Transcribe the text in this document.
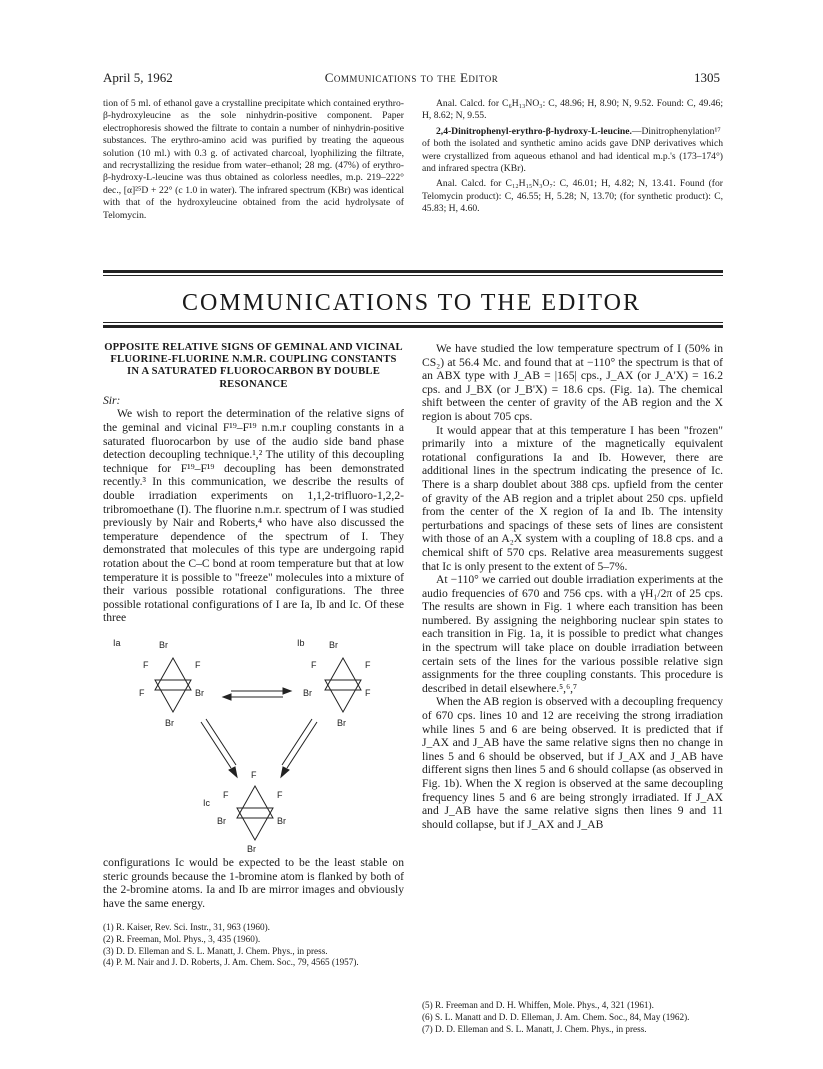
April 5, 1962	Communications to the Editor	1305

tion of 5 ml. of ethanol gave a crystalline precipitate which contained erythro-β-hydroxyleucine as the sole ninhydrin-positive component. Paper electrophoresis showed the filtrate to contain a number of ninhydrin-positive substances. The erythro-amino acid was purified by treating the aqueous solution (10 ml.) with 0.3 g. of activated charcoal, lyophilizing the filtrate, and recrystallizing the residue from water–ethanol; 28 mg. (47%) of erythro-β-hydroxy-L-leucine was thus obtained as colorless needles, m.p. 219–222° dec., [α]²⁵D + 22° (c 1.0 in water). The infrared spectrum (KBr) was identical with that of the hydroxyleucine obtained from the acid hydrolysate of Telomycin.

Anal. Calcd. for C₆H₁₃NO₃: C, 48.96; H, 8.90; N, 9.52. Found: C, 49.46; H, 8.62; N, 9.55.

2,4-Dinitrophenyl-erythro-β-hydroxy-L-leucine.—Dinitrophenylation¹⁷ of both the isolated and synthetic amino acids gave DNP derivatives which were crystallized from aqueous ethanol and had identical m.p.'s (173–174°) and infrared spectra (KBr).

Anal. Calcd. for C₁₂H₁₅N₃O₇: C, 46.01; H, 4.82; N, 13.41. Found (for Telomycin product): C, 46.55; H, 5.28; N, 13.70; (for synthetic product): C, 45.83; H, 4.60.

COMMUNICATIONS TO THE EDITOR

OPPOSITE RELATIVE SIGNS OF GEMINAL AND VICINAL FLUORINE-FLUORINE N.M.R. COUPLING CONSTANTS IN A SATURATED FLUOROCARBON BY DOUBLE RESONANCE

Sir:

We wish to report the determination of the relative signs of the geminal and vicinal F¹⁹–F¹⁹ n.m.r coupling constants in a saturated fluorocarbon by use of the audio side band phase detection decoupling technique.¹,² The utility of this decoupling technique for F¹⁹–F¹⁹ decoupling has been demonstrated recently.³ In this communication, we describe the results of double irradiation experiments on 1,1,2-trifluoro-1,2,2-tribromoethane (I). The fluorine n.m.r. spectrum of I was studied previously by Nair and Roberts,⁴ who have also discussed the temperature dependence of the spectrum of I. They demonstrated that molecules of this type are undergoing rapid rotation about the C–C bond at room temperature but that at low temperature it is possible to "freeze" molecules into a mixture of their various possible rotational configurations. The three possible rotational configurations of I are Ia, Ib and Ic. Of these three

Ia	Br
F	F
F	Br
Br
Ib	Br
F	F
Br	F
Br
F
F	F
Ic
Br	Br
Br

configurations Ic would be expected to be the least stable on steric grounds because the 1-bromine atom is flanked by both of the 2-bromine atoms. Ia and Ib are mirror images and obviously have the same energy.

(1) R. Kaiser, Rev. Sci. Instr., 31, 963 (1960).

(2) R. Freeman, Mol. Phys., 3, 435 (1960).

(3) D. D. Elleman and S. L. Manatt, J. Chem. Phys., in press.

(4) P. M. Nair and J. D. Roberts, J. Am. Chem. Soc., 79, 4565 (1957).

We have studied the low temperature spectrum of I (50% in CS₂) at 56.4 Mc. and found that at −110° the spectrum is that of an ABX type with J_AB = |165| cps., J_AX (or J_A'X) = 16.2 cps. and J_BX (or J_B'X) = 18.6 cps. (Fig. 1a). The chemical shift between the center of gravity of the AB region and the X region is about 705 cps.

It would appear that at this temperature I has been "frozen" primarily into a mixture of the magnetically equivalent rotational configurations Ia and Ib. However, there are additional lines in the spectrum indicating the presence of Ic. There is a sharp doublet about 388 cps. upfield from the center of gravity of the AB region and a triplet about 250 cps. upfield from the center of the X region of Ia and Ib. The intensity perturbations and spacings of these sets of lines are consistent with those of an A₂X system with a coupling of 18.8 cps. and a chemical shift of 570 cps. Relative area measurements suggest that Ic is only present to the extent of 5–7%.

At −110° we carried out double irradiation experiments at the audio frequencies of 670 and 756 cps. with a γH₁/2π of 25 cps. The results are shown in Fig. 1 where each transition has been numbered. By assigning the neighboring nuclear spin states to each transition in Fig. 1a, it is possible to predict what changes in the spectrum will take place on double irradiation between certain sets of the lines for the various possible relative sign assignments for the three coupling constants. This procedure is described in detail elsewhere.⁵,⁶,⁷

When the AB region is observed with a decoupling frequency of 670 cps. lines 10 and 12 are receiving the strong irradiation while lines 5 and 6 are being observed. It is predicted that if J_AX and J_AB have the same relative signs then no change in lines 5 and 6 should be observed, but if J_AX and J_AB have different signs then lines 5 and 6 should collapse (as observed in Fig. 1b). When the X region is observed at the same decoupling frequency lines 5 and 6 are being strongly irradiated. If J_AX and J_AB have the same relative signs then lines 9 and 11 should collapse, but if J_AX and J_AB

(5) R. Freeman and D. H. Whiffen, Mole. Phys., 4, 321 (1961).

(6) S. L. Manatt and D. D. Elleman, J. Am. Chem. Soc., 84, May (1962).

(7) D. D. Elleman and S. L. Manatt, J. Chem. Phys., in press.
